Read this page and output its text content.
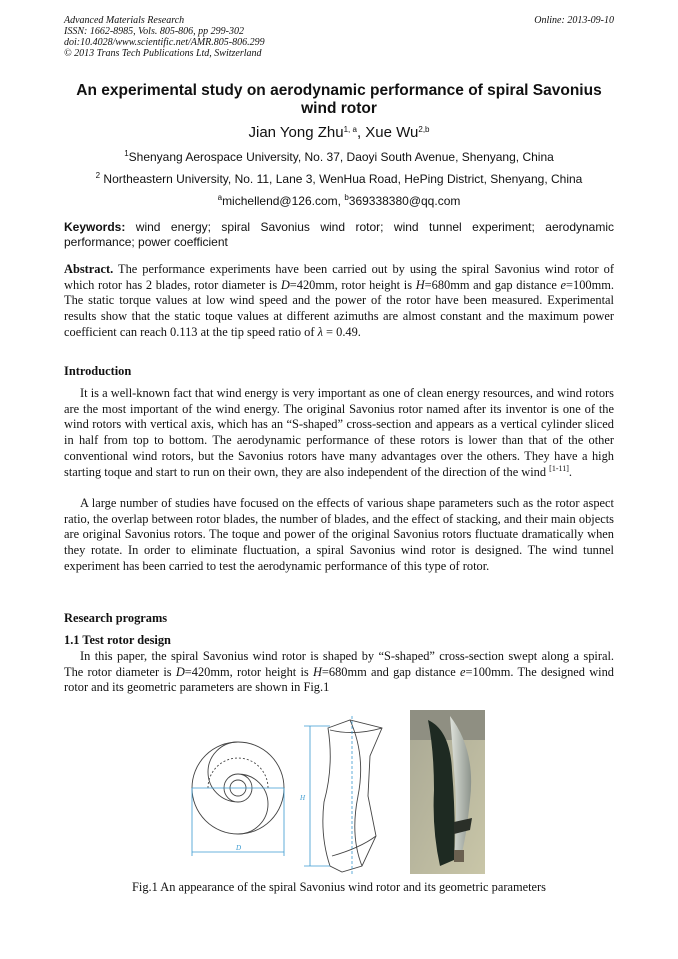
Advanced Materials Research
ISSN: 1662-8985, Vols. 805-806, pp 299-302
doi:10.4028/www.scientific.net/AMR.805-806.299
© 2013 Trans Tech Publications Ltd, Switzerland
Online: 2013-09-10
An experimental study on aerodynamic performance of spiral Savonius wind rotor
Jian Yong Zhu$^{1, a}$, Xue Wu$^{2,b}$
$^1$Shenyang Aerospace University, No. 37, Daoyi South Avenue, Shenyang, China
$^2$ Northeastern University, No. 11, Lane 3, WenHua Road, HePing District, Shenyang, China
$^a$michellend@126.com, $^b$369338380@qq.com
Keywords: wind energy; spiral Savonius wind rotor; wind tunnel experiment; aerodynamic performance; power coefficient
Abstract. The performance experiments have been carried out by using the spiral Savonius wind rotor of which rotor has 2 blades, rotor diameter is D=420mm, rotor height is H=680mm and gap distance e=100mm. The static torque values at low wind speed and the power of the rotor have been measured. Experimental results show that the static toque values at different azimuths are almost constant and the maximum power coefficient can reach 0.113 at the tip speed ratio of λ = 0.49.
Introduction
It is a well-known fact that wind energy is very important as one of clean energy resources, and wind rotors are the most important of the wind energy. The original Savonius rotor named after its inventor is one of the wind rotors with vertical axis, which has an “S-shaped” cross-section and appears as a vertical cylinder sliced in half from top to bottom. The aerodynamic performance of these rotors is lower than that of the other conventional wind rotors, but the Savonius rotors have many advantages over the others. They have a high starting toque and start to run on their own, they are also independent of the direction of the wind [1-11].
A large number of studies have focused on the effects of various shape parameters such as the rotor aspect ratio, the overlap between rotor blades, the number of blades, and the effect of stacking, and their main objects are original Savonius rotors. The toque and power of the original Savonius rotors fluctuate dramatically when they rotate. In order to eliminate fluctuation, a spiral Savonius wind rotor is designed. The wind tunnel experiment has been carried to test the aerodynamic performance of this type of rotor.
Research programs
1.1 Test rotor design
In this paper, the spiral Savonius wind rotor is shaped by “S-shaped” cross-section swept along a spiral. The rotor diameter is D=420mm, rotor height is H=680mm and gap distance e=100mm. The designed wind rotor and its geometric parameters are shown in Fig.1
D
H
Fig.1 An appearance of the spiral Savonius wind rotor and its geometric parameters
